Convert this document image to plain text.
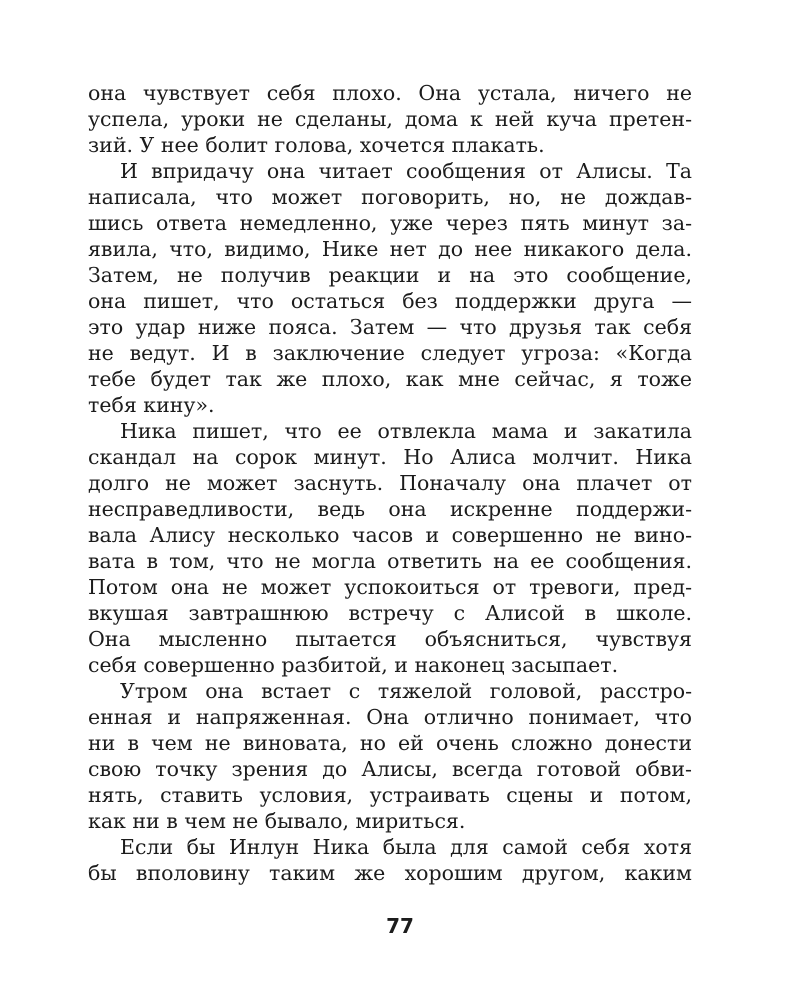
она чувствует себя плохо. Она устала, ничего не
успела, уроки не сделаны, дома к ней куча претен-
зий. У нее болит голова, хочется плакать.
И впридачу она читает сообщения от Алисы. Та
написала, что может поговорить, но, не дождав-
шись ответа немедленно, уже через пять минут за-
явила, что, видимо, Нике нет до нее никакого дела.
Затем, не получив реакции и на это сообщение,
она пишет, что остаться без поддержки друга —
это удар ниже пояса. Затем — что друзья так себя
не ведут. И в заключение следует угроза: «Когда
тебе будет так же плохо, как мне сейчас, я тоже
тебя кину».
Ника пишет, что ее отвлекла мама и закатила
скандал на сорок минут. Но Алиса молчит. Ника
долго не может заснуть. Поначалу она плачет от
несправедливости, ведь она искренне поддержи-
вала Алису несколько часов и совершенно не вино-
вата в том, что не могла ответить на ее сообщения.
Потом она не может успокоиться от тревоги, пред-
вкушая завтрашнюю встречу с Алисой в школе.
Она мысленно пытается объясниться, чувствуя
себя совершенно разбитой, и наконец засыпает.
Утром она встает с тяжелой головой, расстро-
енная и напряженная. Она отлично понимает, что
ни в чем не виновата, но ей очень сложно донести
свою точку зрения до Алисы, всегда готовой обви-
нять, ставить условия, устраивать сцены и потом,
как ни в чем не бывало, мириться.
Если бы Инлун Ника была для самой себя хотя
бы вполовину таким же хорошим другом, каким
77
